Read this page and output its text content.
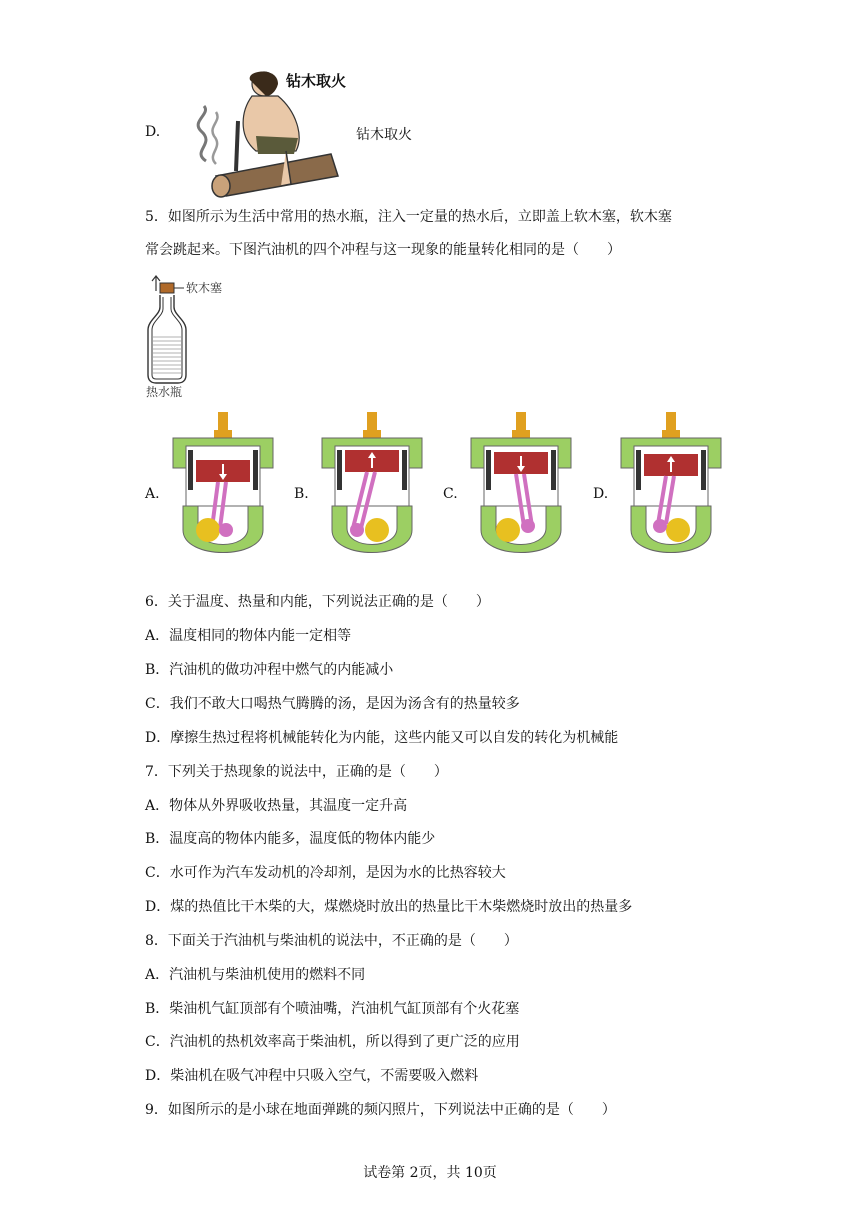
D.
钻木取火
钻木取火
5．如图所示为生活中常用的热水瓶，注入一定量的热水后，立即盖上软木塞，软木塞
常会跳起来。下图汽油机的四个冲程与这一现象的能量转化相同的是（　　）
软木塞
热水瓶
A.	B.	C.	D.
6．关于温度、热量和内能，下列说法正确的是（　　）
A．温度相同的物体内能一定相等
B．汽油机的做功冲程中燃气的内能减小
C．我们不敢大口喝热气腾腾的汤，是因为汤含有的热量较多
D．摩擦生热过程将机械能转化为内能，这些内能又可以自发的转化为机械能
7．下列关于热现象的说法中，正确的是（　　）
A．物体从外界吸收热量，其温度一定升高
B．温度高的物体内能多，温度低的物体内能少
C．水可作为汽车发动机的冷却剂，是因为水的比热容较大
D．煤的热值比干木柴的大，煤燃烧时放出的热量比干木柴燃烧时放出的热量多
8．下面关于汽油机与柴油机的说法中，不正确的是（　　）
A．汽油机与柴油机使用的燃料不同
B．柴油机气缸顶部有个喷油嘴，汽油机气缸顶部有个火花塞
C．汽油机的热机效率高于柴油机，所以得到了更广泛的应用
D．柴油机在吸气冲程中只吸入空气，不需要吸入燃料
9．如图所示的是小球在地面弹跳的频闪照片，下列说法中正确的是（　　）
试卷第 2页，共 10页
